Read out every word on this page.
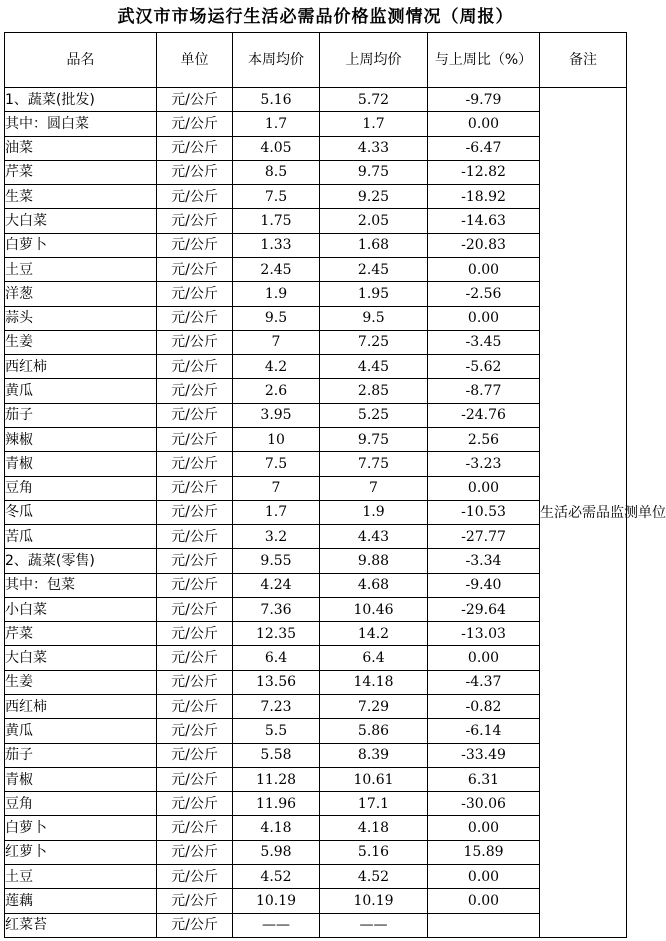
武汉市市场运行生活必需品价格监测情况（周报）
品名	单位	本周均价	上周均价	与上周比（%）	备注
1、蔬菜(批发)	元/公斤	5.16	5.72	-9.79	生活必需品监测单位
其中：圆白菜	元/公斤	1.7	1.7	0.00	
油菜	元/公斤	4.05	4.33	-6.47	
芹菜	元/公斤	8.5	9.75	-12.82	
生菜	元/公斤	7.5	9.25	-18.92	
大白菜	元/公斤	1.75	2.05	-14.63	
白萝卜	元/公斤	1.33	1.68	-20.83	
土豆	元/公斤	2.45	2.45	0.00	
洋葱	元/公斤	1.9	1.95	-2.56	
蒜头	元/公斤	9.5	9.5	0.00	
生姜	元/公斤	7	7.25	-3.45	
西红柿	元/公斤	4.2	4.45	-5.62	
黄瓜	元/公斤	2.6	2.85	-8.77	
茄子	元/公斤	3.95	5.25	-24.76	
辣椒	元/公斤	10	9.75	2.56	
青椒	元/公斤	7.5	7.75	-3.23	
豆角	元/公斤	7	7	0.00	
冬瓜	元/公斤	1.7	1.9	-10.53	
苦瓜	元/公斤	3.2	4.43	-27.77	
2、蔬菜(零售)	元/公斤	9.55	9.88	-3.34	
其中：包菜	元/公斤	4.24	4.68	-9.40	
小白菜	元/公斤	7.36	10.46	-29.64	
芹菜	元/公斤	12.35	14.2	-13.03	
大白菜	元/公斤	6.4	6.4	0.00	
生姜	元/公斤	13.56	14.18	-4.37	
西红柿	元/公斤	7.23	7.29	-0.82	
黄瓜	元/公斤	5.5	5.86	-6.14	
茄子	元/公斤	5.58	8.39	-33.49	
青椒	元/公斤	11.28	10.61	6.31	
豆角	元/公斤	11.96	17.1	-30.06	
白萝卜	元/公斤	4.18	4.18	0.00	
红萝卜	元/公斤	5.98	5.16	15.89	
土豆	元/公斤	4.52	4.52	0.00	
莲藕	元/公斤	10.19	10.19	0.00	
红菜苔	元/公斤	——	——		
